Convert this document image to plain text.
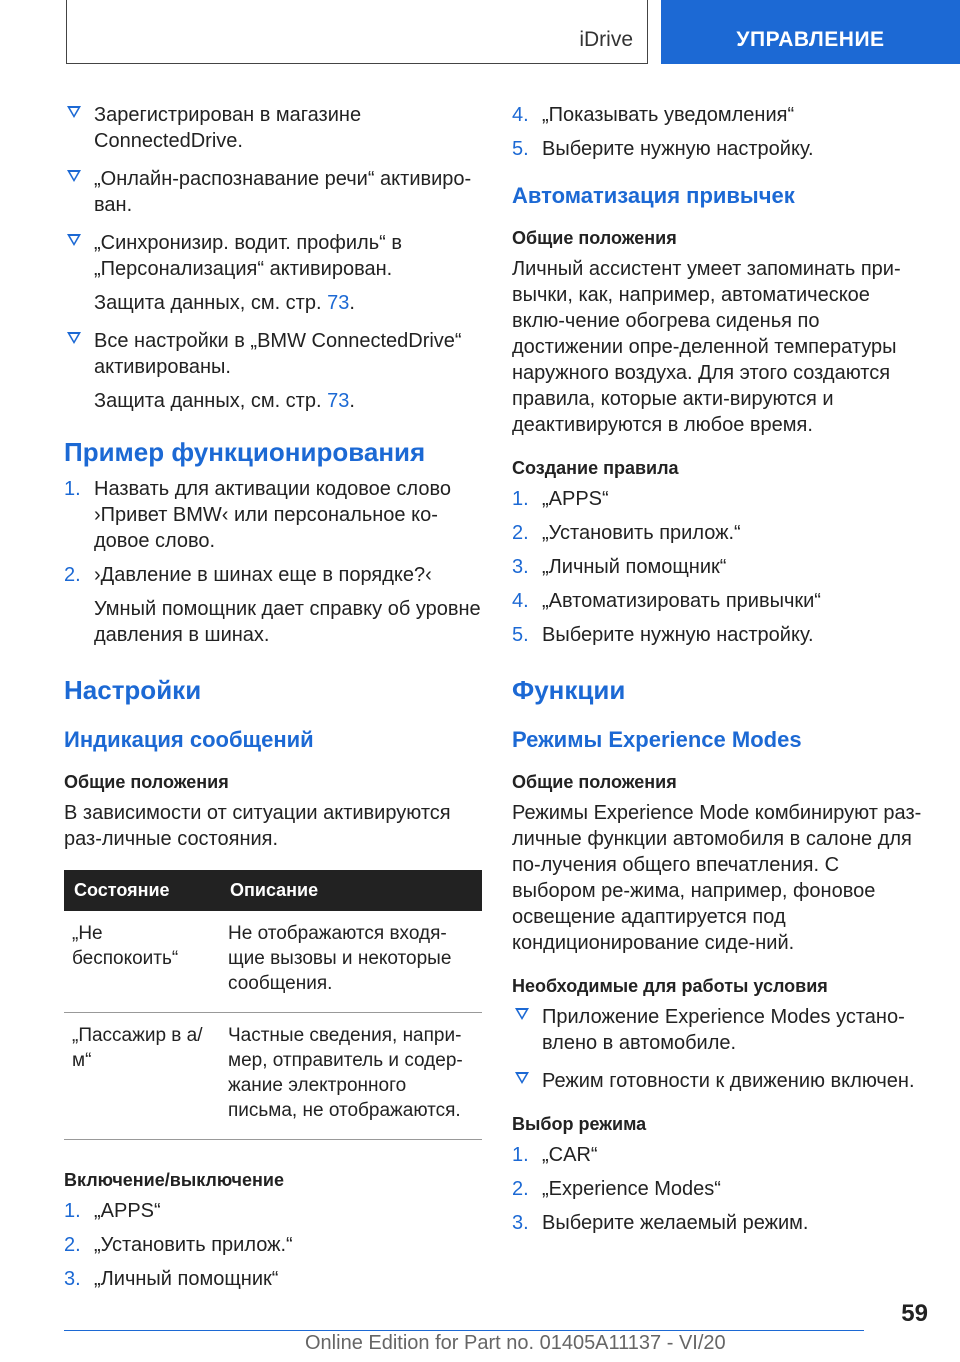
iDrive	УПРАВЛЕНИЕ
Зарегистрирован в магазине ConnectedDrive.
„Онлайн-распознавание речи“ активиро-ван.
„Синхронизир. водит. профиль“ в „Персонализация“ активирован.
Защита данных, см. стр. 73.
Все настройки в „BMW ConnectedDrive“ активированы.
Защита данных, см. стр. 73.
Пример функционирования
1. Назвать для активации кодовое слово ›Привет BMW‹ или персональное ко-довое слово.
2. ›Давление в шинах еще в порядке?‹
Умный помощник дает справку об уровне давления в шинах.
Настройки
Индикация сообщений
Общие положения

В зависимости от ситуации активируются раз-личные состояния.

Состояние	Описание
„Не беспокоить“	Не отображаются входя-щие вызовы и некоторые сообщения.
„Пассажир в а/м“	Частные сведения, напри-мер, отправитель и содер-жание электронного письма, не отображаются.
Включение/выключение
1. „APPS“
2. „Установить прилож.“
3. „Личный помощник“
4. „Показывать уведомления“
5. Выберите нужную настройку.
Автоматизация привычек
Общие положения

Личный ассистент умеет запоминать при-вычки, как, например, автоматическое вклю-чение обогрева сиденья по достижении опре-деленной температуры наружного воздуха. Для этого создаются правила, которые акти-вируются и деактивируются в любое время.

Создание правила
1. „APPS“
2. „Установить прилож.“
3. „Личный помощник“
4. „Автоматизировать привычки“
5. Выберите нужную настройку.
Функции
Режимы Experience Modes
Общие положения

Режимы Experience Mode комбинируют раз-личные функции автомобиля в салоне для по-лучения общего впечатления. С выбором ре-жима, например, фоновое освещение адаптируется под кондиционирование сиде-ний.

Необходимые для работы условия
Приложение Experience Modes устано-влено в автомобиле.
Режим готовности к движению включен.
Выбор режима
1. „CAR“
2. „Experience Modes“
3. Выберите желаемый режим.
59
Online Edition for Part no. 01405A11137 - VI/20
